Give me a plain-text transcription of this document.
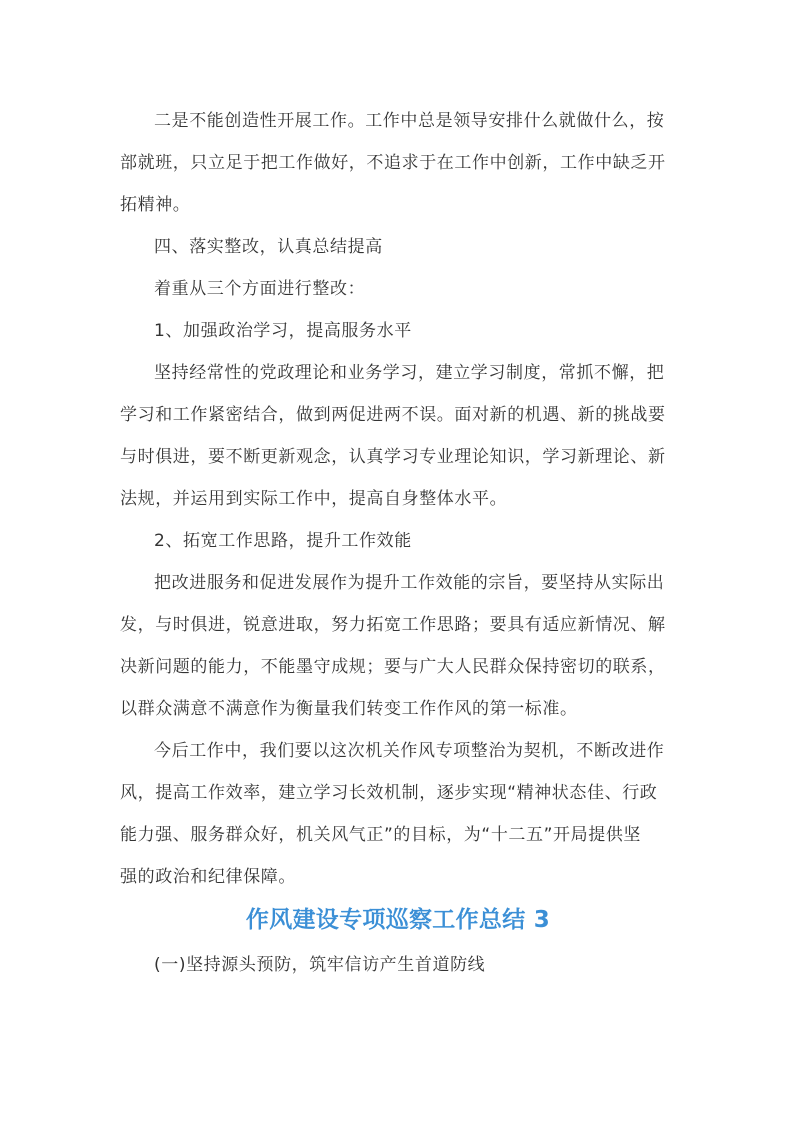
二是不能创造性开展工作。工作中总是领导安排什么就做什么，按
部就班，只立足于把工作做好，不追求于在工作中创新，工作中缺乏开
拓精神。

四、落实整改，认真总结提高

着重从三个方面进行整改：

1、加强政治学习，提高服务水平

坚持经常性的党政理论和业务学习，建立学习制度，常抓不懈，把
学习和工作紧密结合，做到两促进两不误。面对新的机遇、新的挑战要
与时俱进，要不断更新观念，认真学习专业理论知识，学习新理论、新
法规，并运用到实际工作中，提高自身整体水平。

2、拓宽工作思路，提升工作效能

把改进服务和促进发展作为提升工作效能的宗旨，要坚持从实际出
发，与时俱进，锐意进取，努力拓宽工作思路；要具有适应新情况、解
决新问题的能力，不能墨守成规；要与广大人民群众保持密切的联系，
以群众满意不满意作为衡量我们转变工作作风的第一标准。

今后工作中，我们要以这次机关作风专项整治为契机，不断改进作
风，提高工作效率，建立学习长效机制，逐步实现“精神状态佳、行政
能力强、服务群众好，机关风气正”的目标，为“十二五”开局提供坚
强的政治和纪律保障。

作风建设专项巡察工作总结 3

(一)坚持源头预防，筑牢信访产生首道防线
